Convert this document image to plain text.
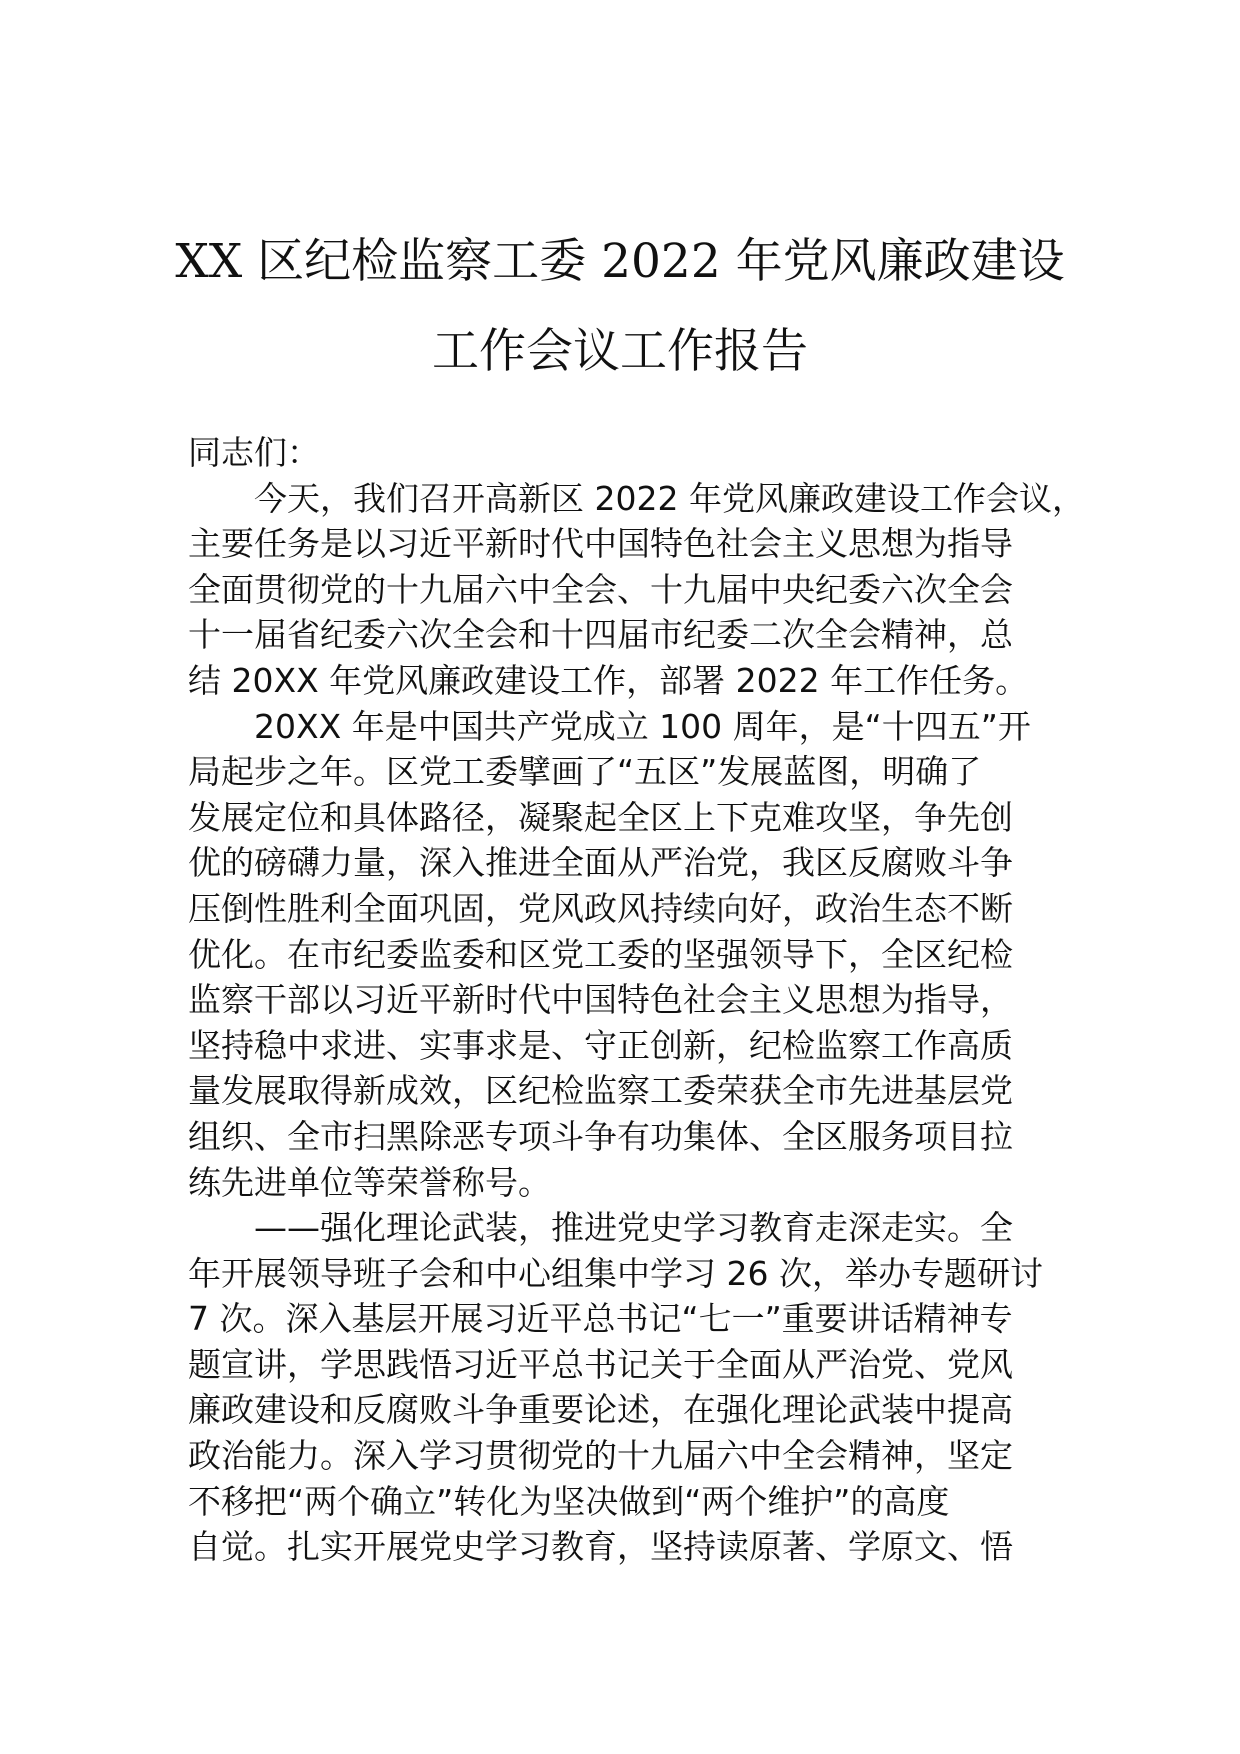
XX 区纪检监察工委 2022 年党风廉政建设
工作会议工作报告

同志们：

今天，我们召开高新区 2022 年党风廉政建设工作会议，

主要任务是以习近平新时代中国特色社会主义思想为指导

全面贯彻党的十九届六中全会、十九届中央纪委六次全会

十一届省纪委六次全会和十四届市纪委二次全会精神，总

结 20XX 年党风廉政建设工作，部署 2022 年工作任务。

20XX 年是中国共产党成立 100 周年，是“十四五”开

局起步之年。区党工委擘画了“五区”发展蓝图，明确了

发展定位和具体路径，凝聚起全区上下克难攻坚，争先创

优的磅礴力量，深入推进全面从严治党，我区反腐败斗争

压倒性胜利全面巩固，党风政风持续向好，政治生态不断

优化。在市纪委监委和区党工委的坚强领导下，全区纪检

监察干部以习近平新时代中国特色社会主义思想为指导，

坚持稳中求进、实事求是、守正创新，纪检监察工作高质

量发展取得新成效，区纪检监察工委荣获全市先进基层党

组织、全市扫黑除恶专项斗争有功集体、全区服务项目拉

练先进单位等荣誉称号。

——强化理论武装，推进党史学习教育走深走实。全

年开展领导班子会和中心组集中学习 26 次，举办专题研讨

7 次。深入基层开展习近平总书记“七一”重要讲话精神专

题宣讲，学思践悟习近平总书记关于全面从严治党、党风

廉政建设和反腐败斗争重要论述，在强化理论武装中提高

政治能力。深入学习贯彻党的十九届六中全会精神，坚定

不移把“两个确立”转化为坚决做到“两个维护”的高度

自觉。扎实开展党史学习教育，坚持读原著、学原文、悟
